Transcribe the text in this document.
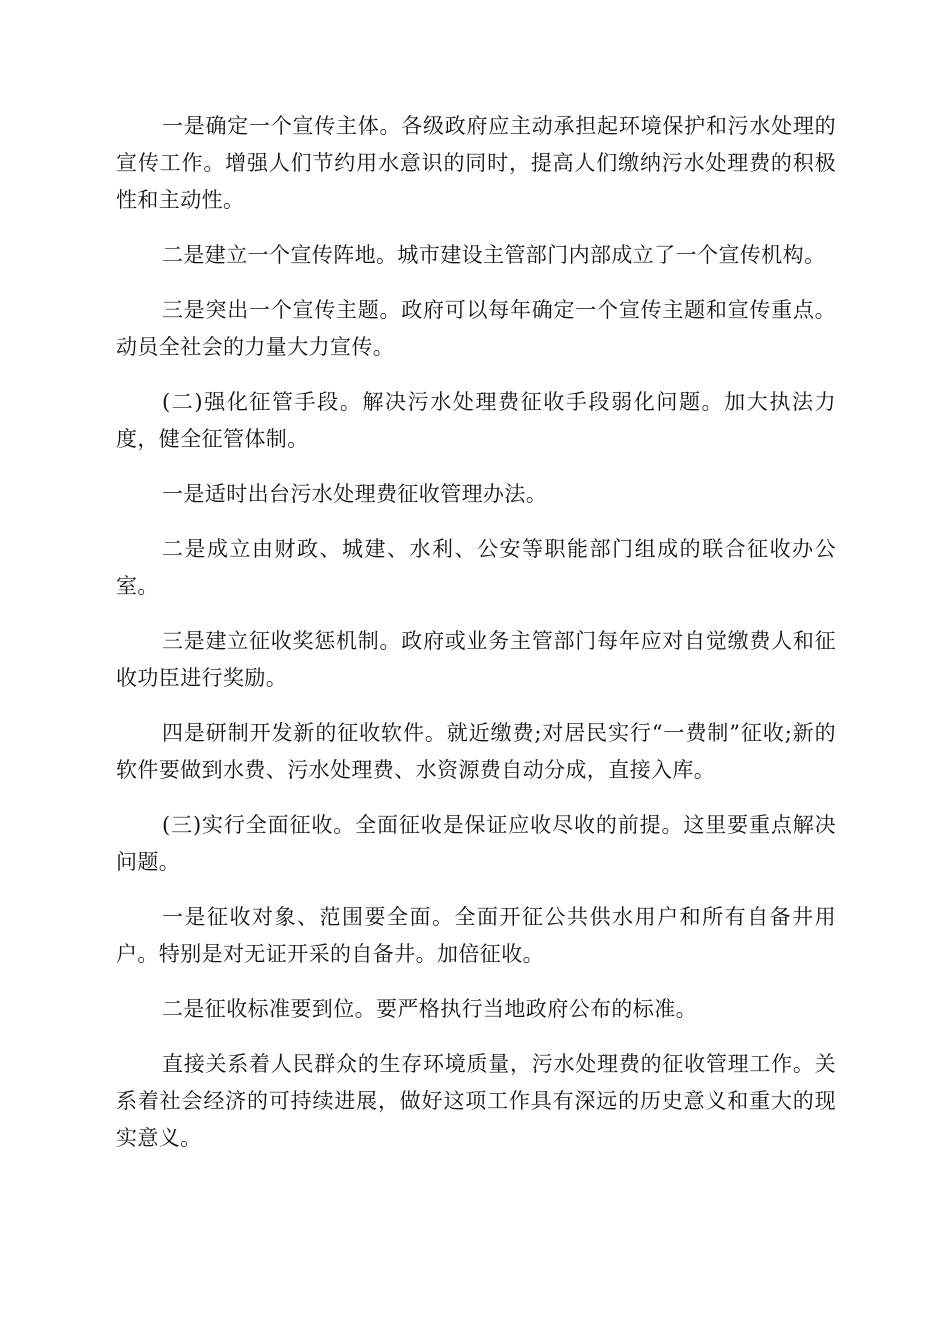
一是确定一个宣传主体。各级政府应主动承担起环境保护和污水处理的宣传工作。增强人们节约用水意识的同时，提高人们缴纳污水处理费的积极性和主动性。

二是建立一个宣传阵地。城市建设主管部门内部成立了一个宣传机构。

三是突出一个宣传主题。政府可以每年确定一个宣传主题和宣传重点。动员全社会的力量大力宣传。

(二)强化征管手段。解决污水处理费征收手段弱化问题。加大执法力度，健全征管体制。

一是适时出台污水处理费征收管理办法。

二是成立由财政、城建、水利、公安等职能部门组成的联合征收办公室。

三是建立征收奖惩机制。政府或业务主管部门每年应对自觉缴费人和征收功臣进行奖励。

四是研制开发新的征收软件。就近缴费;对居民实行“一费制”征收;新的软件要做到水费、污水处理费、水资源费自动分成，直接入库。

(三)实行全面征收。全面征收是保证应收尽收的前提。这里要重点解决问题。

一是征收对象、范围要全面。全面开征公共供水用户和所有自备井用户。特别是对无证开采的自备井。加倍征收。

二是征收标准要到位。要严格执行当地政府公布的标准。

直接关系着人民群众的生存环境质量，污水处理费的征收管理工作。关系着社会经济的可持续进展，做好这项工作具有深远的历史意义和重大的现实意义。
